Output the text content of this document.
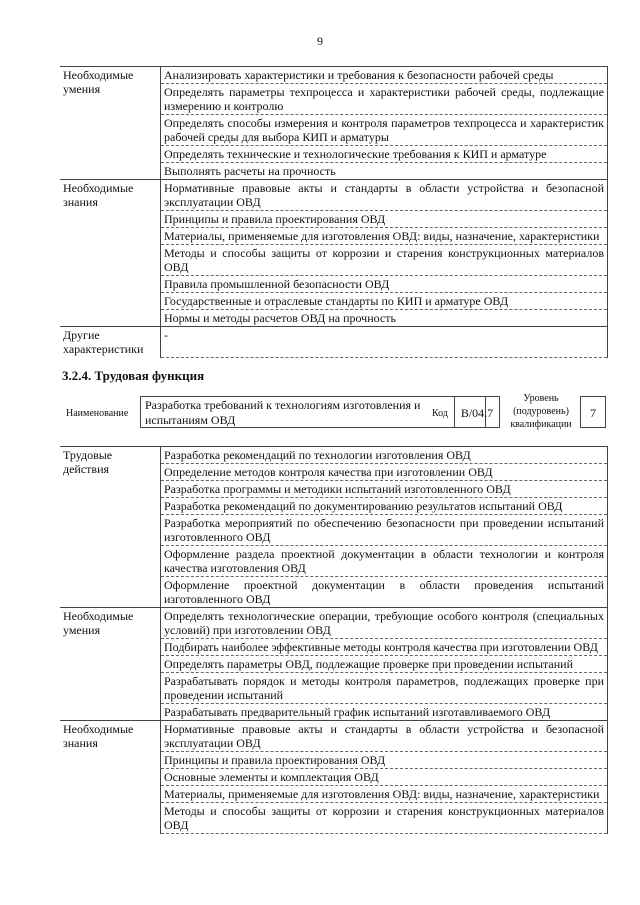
9
Необходимые умения	Анализировать характеристики и требования к безопасности рабочей среды
	Определять параметры техпроцесса и характеристики рабочей среды, подлежащие измерению и контролю
	Определять способы измерения и контроля параметров техпроцесса и характеристик рабочей среды для выбора КИП и арматуры
	Определять технические и технологические требования к КИП и арматуре
	Выполнять расчеты на прочность
Необходимые знания	Нормативные правовые акты и стандарты в области устройства и безопасной эксплуатации ОВД
	Принципы и правила проектирования ОВД
	Материалы, применяемые для изготовления ОВД: виды, назначение, характеристики
	Методы и способы защиты от коррозии и старения конструкционных материалов ОВД
	Правила промышленной безопасности ОВД
	Государственные и отраслевые стандарты по КИП и арматуре ОВД
	Нормы и методы расчетов ОВД на прочность
Другие характеристики	-
3.2.4. Трудовая функция
Наименование
Разработка требований к технологиям изготовления и испытаниям ОВД	Код	B/04.7
Уровень (подуровень) квалификации
7
Трудовые действия	Разработка рекомендаций по технологии изготовления ОВД
	Определение методов контроля качества при изготовлении ОВД
	Разработка программы и методики испытаний изготовленного ОВД
	Разработка рекомендаций по документированию результатов испытаний ОВД
	Разработка мероприятий по обеспечению безопасности при проведении испытаний изготовленного ОВД
	Оформление раздела проектной документации в области технологии и контроля качества изготовления ОВД
	Оформление проектной документации в области проведения испытаний изготовленного ОВД
Необходимые умения	Определять технологические операции, требующие особого контроля (специальных условий) при изготовлении ОВД
	Подбирать наиболее эффективные методы контроля качества при изготовлении ОВД
	Определять параметры ОВД, подлежащие проверке при проведении испытаний
	Разрабатывать порядок и методы контроля параметров, подлежащих проверке при проведении испытаний
	Разрабатывать предварительный график испытаний изготавливаемого ОВД
Необходимые знания	Нормативные правовые акты и стандарты в области устройства и безопасной эксплуатации ОВД
	Принципы и правила проектирования ОВД
	Основные элементы и комплектация ОВД
	Материалы, применяемые для изготовления ОВД: виды, назначение, характеристики
	Методы и способы защиты от коррозии и старения конструкционных материалов ОВД
